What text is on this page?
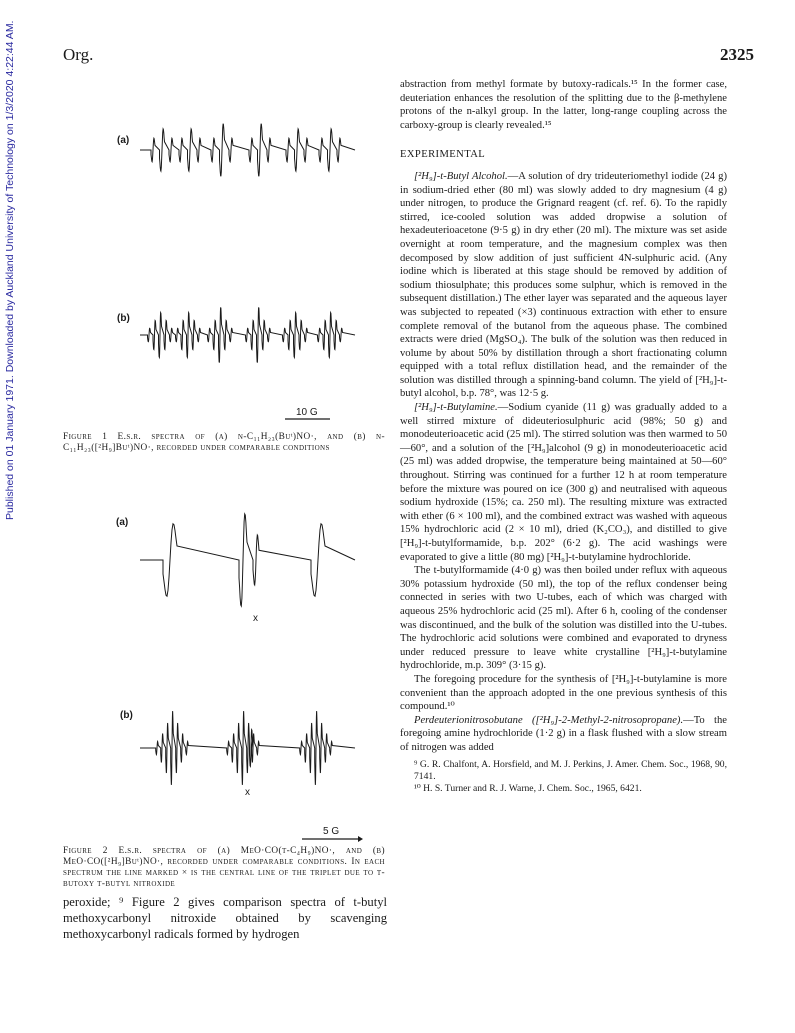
Published on 01 January 1971. Downloaded by Auckland University of Technology on 1/3/2020 4:22:44 AM.	Org.	2325
(a)
(b)
10 G
Figure 1 E.s.r. spectra of (a) n-C₁₁H₂₃(Buᵗ)NO·, and (b) n-C₁₁H₂₃([²H₉]Buᵗ)NO·, recorded under comparable conditions
(a)
x
(b)
x
5 G
Figure 2 E.s.r. spectra of (a) MeO·CO(t-C₄H₉)NO·, and (b) MeO·CO([²H₉]Buᵗ)NO·, recorded under comparable conditions. In each spectrum the line marked × is the central line of the triplet due to t-butoxy t-butyl nitroxide
peroxide; ⁹ Figure 2 gives comparison spectra of t-butyl methoxycarbonyl nitroxide obtained by scavenging methoxycarbonyl radicals formed by hydrogen

abstraction from methyl formate by butoxy-radicals.¹⁵ In the former case, deuteriation enhances the resolution of the splitting due to the β-methylene protons of the n-alkyl group. In the latter, long-range coupling across the carboxy-group is clearly revealed.¹⁵

EXPERIMENTAL

[²H₉]-t-Butyl Alcohol.—A solution of dry trideuteriomethyl iodide (24 g) in sodium-dried ether (80 ml) was slowly added to dry magnesium (4 g) under nitrogen, to produce the Grignard reagent (cf. ref. 6). To the rapidly stirred, ice-cooled solution was added dropwise a solution of hexadeuterioacetone (9·5 g) in dry ether (20 ml). The mixture was set aside overnight at room temperature, and the magnesium complex was then decomposed by slow addition of just sufficient 4N-sulphuric acid. (Any iodine which is liberated at this stage should be removed by addition of sodium thiosulphate; this produces some sulphur, which is removed in the subsequent distillation.) The ether layer was separated and the aqueous layer was subjected to repeated (×3) continuous extraction with ether to ensure complete removal of the butanol from the aqueous phase. The combined extracts were dried (MgSO₄). The bulk of the solution was then reduced in volume by about 50% by distillation through a short fractionating column equipped with a total reflux distillation head, and the remainder of the solution was distilled through a spinning-band column. The yield of [²H₉]-t-butyl alcohol, b.p. 78°, was 12·5 g.

[²H₉]-t-Butylamine.—Sodium cyanide (11 g) was gradually added to a well stirred mixture of dideuteriosulphuric acid (98%; 50 g) and monodeuterioacetic acid (25 ml). The stirred solution was then warmed to 50—60°, and a solution of the [²H₉]alcohol (9 g) in monodeuterioacetic acid (25 ml) was added dropwise, the temperature being maintained at 50—60° throughout. Stirring was continued for a further 12 h at room temperature before the mixture was poured on ice (300 g) and neutralised with aqueous sodium hydroxide (15%; ca. 250 ml). The resulting mixture was extracted with ether (6 × 100 ml), and the combined extract was washed with aqueous 15% hydrochloric acid (2 × 10 ml), dried (K₂CO₃), and distilled to give [²H₉]-t-butylformamide, b.p. 202° (6·2 g). The acid washings were evaporated to give a little (80 mg) [²H₉]-t-butylamine hydrochloride.

The t-butylformamide (4·0 g) was then boiled under reflux with aqueous 30% potassium hydroxide (50 ml), the top of the reflux condenser being connected in series with two U-tubes, each of which was charged with aqueous 25% hydrochloric acid (25 ml). After 6 h, cooling of the condenser was discontinued, and the bulk of the solution was distilled into the U-tubes. The hydrochloric acid solutions were combined and evaporated to dryness under reduced pressure to leave white crystalline [²H₉]-t-butylamine hydrochloride, m.p. 309° (3·15 g).

The foregoing procedure for the synthesis of [²H₉]-t-butylamine is more convenient than the approach adopted in the one previous synthesis of this compound.¹⁰

Perdeuterionitrosobutane ([²H₉]-2-Methyl-2-nitrosopropane).—To the foregoing amine hydrochloride (1·2 g) in a flask flushed with a slow stream of nitrogen was added

⁹ G. R. Chalfont, A. Horsfield, and M. J. Perkins, J. Amer. Chem. Soc., 1968, 90, 7141.
¹⁰ H. S. Turner and R. J. Warne, J. Chem. Soc., 1965, 6421.
